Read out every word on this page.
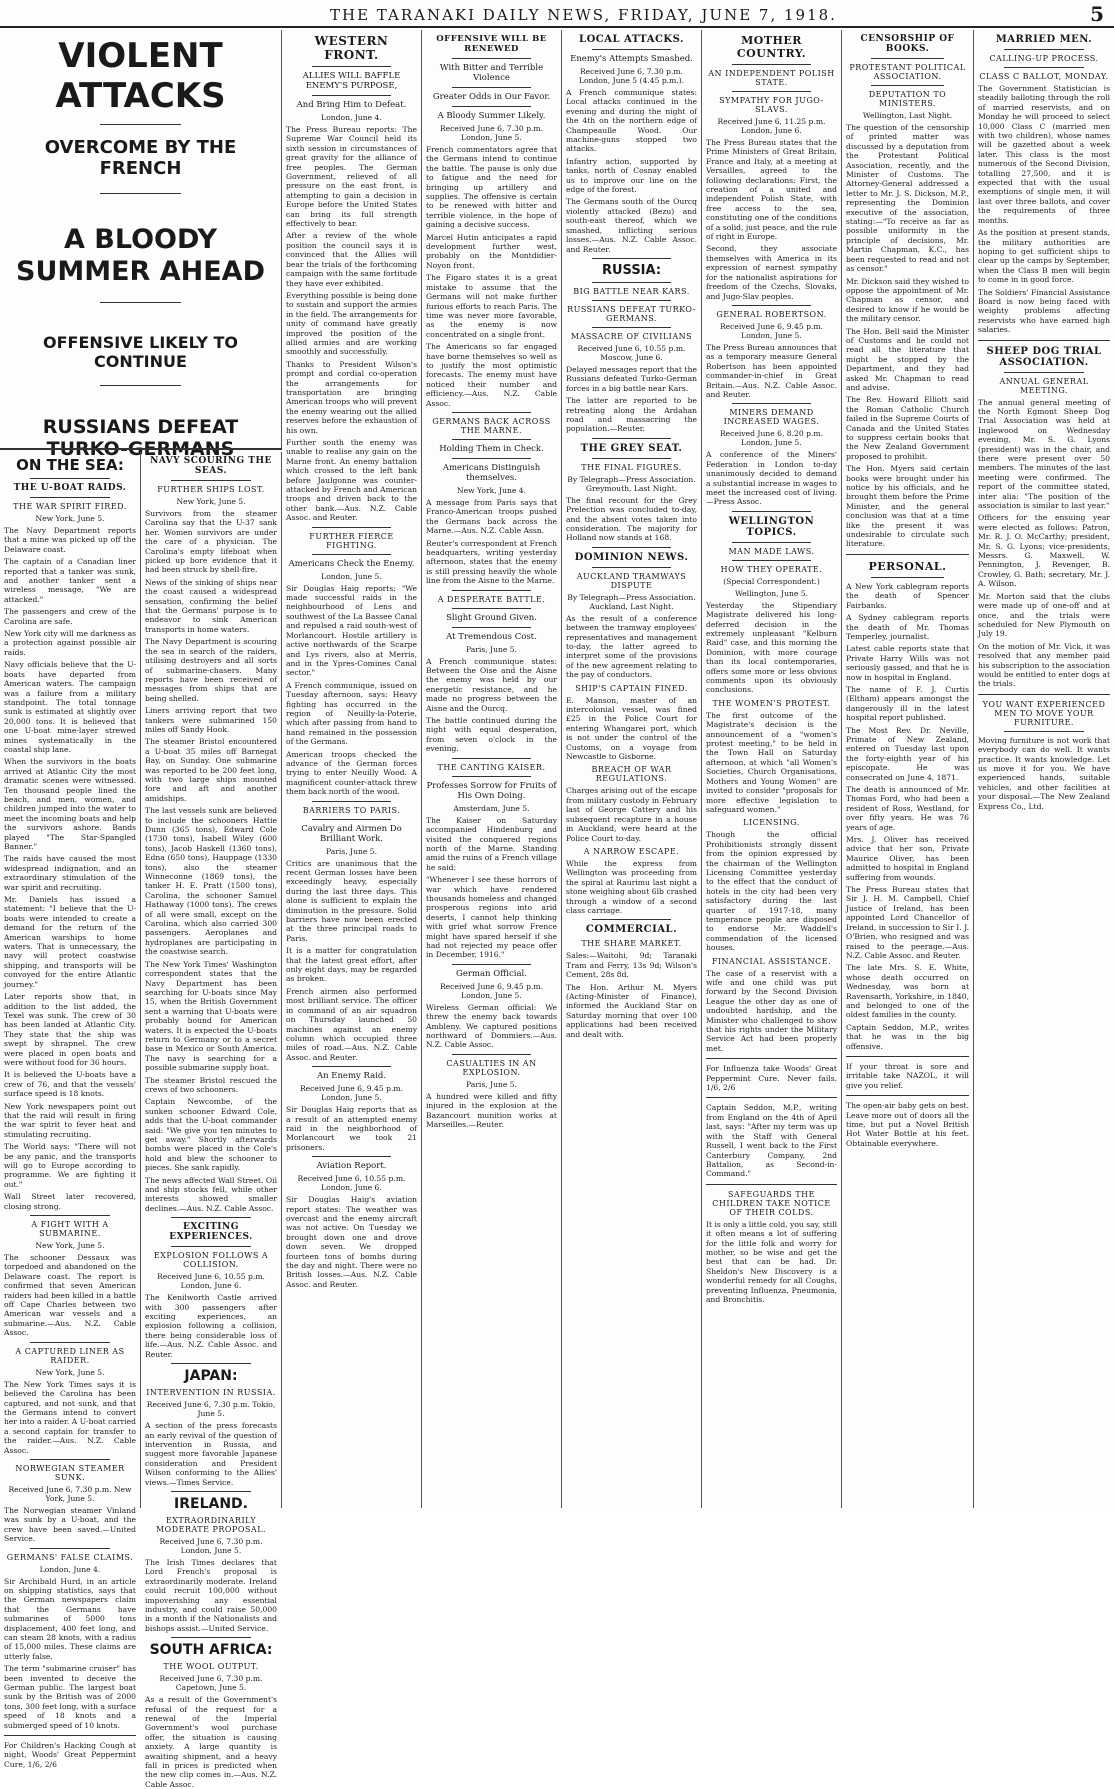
THE TARANAKI DAILY NEWS, FRIDAY, JUNE 7, 1918.	5
VIOLENT ATTACKS
OVERCOME BY THE FRENCH
A BLOODY SUMMER AHEAD
OFFENSIVE LIKELY TO CONTINUE
RUSSIANS DEFEAT TURKO-GERMANS
ON THE SEA:
THE U-BOAT RAIDS.
THE WAR SPIRIT FIRED.
New York, June 5.

The Navy Department reports that a mine was picked up off the Delaware coast.

The captain of a Canadian liner reported that a tanker was sunk, and another tanker sent a wireless message, "We are attacked."

The passengers and crew of the Carolina are safe.

New York city will me darkness as a protection against possible air raids.

Navy officials believe that the U-boats have departed from American waters. The campaign was a failure from a military standpoint. The total tonnage sunk is estimated at slightly over 20,000 tons. It is believed that one U-boat mine-layer strewed mines systematically in the coastal ship lane.

When the survivors in the boats arrived at Atlantic City the most dramatic scenes were witnessed. Ten thousand people lined the beach, and men, women, and children jumped into the water to meet the incoming boats and help the survivors ashore. Bands played "The Star-Spangled Banner."

The raids have caused the most widespread indignation, and an extraordinary stimulation of the war spirit and recruiting.

Mr. Daniels has issued a statement: "I believe that the U-boats were intended to create a demand for the return of the American warships to home waters. That is unnecessary, the navy will protect coastwise shipping, and transports will be convoyed for the entire Atlantic journey."

Later reports show that, in addition to the list added, the Texel was sunk. The crew of 30 has been landed at Atlantic City. They state that the ship was swept by shrapnel. The crew were placed in open boats and were without food for 36 hours.

It is believed the U-boats have a crew of 76, and that the vessels' surface speed is 18 knots.

New York newspapers point out that the raid will result in firing the war spirit to fever heat and stimulating recruiting.

The World says: "There will not be any panic, and the transports will go to Europe according to programme. We are fighting it out."

Wall Street later recovered, closing strong.

A FIGHT WITH A SUBMARINE.
New York, June 5.

The schooner Dessaux was torpedoed and abandoned on the Delaware coast. The report is confirmed that seven American raiders had been killed in a battle off Cape Charles between two American war vessels and a submarine.—Aus. N.Z. Cable Assoc.

A CAPTURED LINER AS RAIDER.
New York, June 5.

The New York Times says it is believed the Carolina has been captured, and not sunk, and that the Germans intend to convert her into a raider. A U-boat carried a second captain for transfer to the raider.—Aus. N.Z. Cable Assoc.

NORWEGIAN STEAMER SUNK.
Received June 6, 7.30 p.m. New York, June 5.

The Norwegian steamer Vinland was sunk by a U-boat, and the crew have been saved.—United Service.

GERMANS' FALSE CLAIMS.
London, June 4.

Sir Archibald Hurd, in an article on shipping statistics, says that the German newspapers claim that the Germans have submarines of 5000 tons displacement, 400 feet long, and can steam 28 knots, with a radius of 15,000 miles. These claims are utterly false.

The term "submarine cruiser" has been invented to deceive the German public. The largest boat sunk by the British was of 2000 tons, 300 feet long, with a surface speed of 18 knots and a submerged speed of 10 knots.

For Children's Hacking Cough at night, Woods' Great Peppermint Cure, 1/6, 2/6

NAVY SCOURING THE SEAS.
FURTHER SHIPS LOST.
New York, June 5.

Survivors from the steamer Carolina say that the U-37 sank her. Women survivors are under the care of a physician. The Carolina's empty lifeboat when picked up bore evidence that it had been struck by shell-fire.

News of the sinking of ships near the coast caused a widespread sensation, confirming the belief that the Germans' purpose is to endeavor to sink American transports in home waters.

The Navy Department is scouring the sea in search of the raiders, utilising destroyers and all sorts of submarine-chasers. Many reports have been received of messages from ships that are being shelled.

Liners arriving report that two tankers were submarined 150 miles off Sandy Hook.

The steamer Bristol encountered a U-boat 35 miles off Barnegat Bay, on Sunday. One submarine was reported to be 200 feet long, with two large ships mounted fore and aft and another amidships.

The last vessels sunk are believed to include the schooners Hattie Dunn (365 tons), Edward Cole (1730 tons), Isabell Wiley (600 tons), Jacob Haskell (1360 tons), Edna (650 tons), Hauppage (1330 tons), also the steamer Winneconne (1869 tons), the tanker H. E. Pratt (1500 tons), Carolina, the schooner Samuel Hathaway (1000 tons). The crews of all were small, except on the Carolina, which also carried 300 passengers. Aeroplanes and hydroplanes are participating in the coastwise search.

The New York Times' Washington correspondent states that the Navy Department has been searching for U-boats since May 15, when the British Government sent a warning that U-boats were probably bound for American waters. It is expected the U-boats return to Germany or to a secret base in Mexico or South America. The navy is searching for a possible submarine supply boat.

The steamer Bristol rescued the crews of two schooners.

Captain Newcombe, of the sunken schooner Edward Cole, adds that the U-boat commander said: "We give you ten minutes to get away." Shortly afterwards bombs were placed in the Cole's hold and blew the schooner to pieces. She sank rapidly.

The news affected Wall Street. Oil and ship stocks fell, while other interests showed smaller declines.—Aus. N.Z. Cable Assoc.

EXCITING EXPERIENCES.
EXPLOSION FOLLOWS A COLLISION.
Received June 6, 10.55 p.m. London, June 6.

The Kenilworth Castle arrived with 300 passengers after exciting experiences, an explosion following a collision, there being considerable loss of life.—Aus. N.Z. Cable Assoc. and Reuter.

JAPAN:
INTERVENTION IN RUSSIA.
Received June 6, 7.30 p.m. Tokio, June 5.

A section of the press forecasts an early revival of the question of intervention in Russia, and suggest more favorable Japanese consideration and President Wilson conforming to the Allies' views.—Times Service.

IRELAND.
EXTRAORDINARILY MODERATE PROPOSAL.
Received June 6, 7.30 p.m. London, June 5.

The Irish Times declares that Lord French's proposal is extraordinarily moderate. Ireland could recruit 100,000 without impoverishing any essential industry, and could raise 50,000 in a month if the Nationalists and bishops assist.—United Service.

SOUTH AFRICA:
THE WOOL OUTPUT.
Received June 6, 7.30 p.m. Capetown, June 5.

As a result of the Government's refusal of the request for a renewal of the Imperial Government's wool purchase offer, the situation is causing anxiety. A large quantity is awaiting shipment, and a heavy fall in prices is predicted when the new clip comes in.—Aus. N.Z. Cable Assoc.

WESTERN FRONT.
ALLIES WILL BAFFLE ENEMY'S PURPOSE,
And Bring Him to Defeat.
London, June 4.

The Press Bureau reports: The Supreme War Council held its sixth session in circumstances of great gravity for the alliance of free peoples. The German Government, relieved of all pressure on the east front, is attempting to gain a decision in Europe before the United States can bring its full strength effectively to bear.

After a review of the whole position the council says it is convinced that the Allies will bear the trials of the forthcoming campaign with the same fortitude they have ever exhibited.

Everything possible is being done to sustain and support the armies in the field. The arrangements for unity of command have greatly improved the position of the allied armies and are working smoothly and successfully.

Thanks to President Wilson's prompt and cordial co-operation the arrangements for transportation are bringing American troops who will prevent the enemy wearing out the allied reserves before the exhaustion of his own.

Further south the enemy was unable to realise any gain on the Marne front. An enemy battalion which crossed to the left bank before Jaulgonne was counter-attacked by French and American troops and driven back to the other bank.—Aus. N.Z. Cable Assoc. and Reuter.

FURTHER FIERCE FIGHTING.
Americans Check the Enemy.
London, June 5.

Sir Douglas Haig reports: "We made successful raids in the neighbourhood of Lens and southwest of the La Bassee Canal and repulsed a raid south-west of Morlancourt. Hostile artillery is active northwards of the Scarpe and Lys rivers, also at Merris, and in the Ypres-Comines Canal sector."

A French communique, issued on Tuesday afternoon, says: Heavy fighting has occurred in the region of Neuilly-la-Poterie, which after passing from hand to hand remained in the possession of the Germans.

American troops checked the advance of the German forces trying to enter Neuilly Wood. A magnificent counter-attack threw them back north of the wood.

BARRIERS TO PARIS.
Cavalry and Airmen Do Brilliant Work.
Paris, June 5.

Critics are unanimous that the recent German losses have been exceedingly heavy, especially during the last three days. This alone is sufficient to explain the diminution in the pressure. Solid barriers have now been erected at the three principal roads to Paris.

It is a matter for congratulation that the latest great effort, after only eight days, may be regarded as broken.

French airmen also performed most brilliant service. The officer in command of an air squadron on Thursday launched 50 machines against an enemy column which occupied three miles of road.—Aus. N.Z. Cable Assoc. and Reuter.

An Enemy Raid.
Received June 6, 9.45 p.m. London, June 5.

Sir Douglas Haig reports that as a result of an attempted enemy raid in the neighborhood of Morlancourt we took 21 prisoners.

Aviation Report.
Received June 6, 10.55 p.m. London, June 6.

Sir Douglas Haig's aviation report states: The weather was overcast and the enemy aircraft was not active. On Tuesday we brought down one and drove down seven. We dropped fourteen tons of bombs during the day and night. There were no British losses.—Aus. N.Z. Cable Assoc. and Reuter.

OFFENSIVE WILL BE RENEWED
With Bitter and Terrible Violence
Greater Odds in Our Favor.
A Bloody Summer Likely.
Received June 6, 7.30 p.m. London, June 5.

French commentators agree that the Germans intend to continue the battle. The pause is only due to fatigue and the need for bringing up artillery and supplies. The offensive is certain to be renewed with bitter and terrible violence, in the hope of gaining a decisive success.

Marcel Hutin anticipates a rapid development further west, probably on the Montdidier-Noyon front.

The Figaro states it is a great mistake to assume that the Germans will not make further furious efforts to reach Paris. The time was never more favorable, as the enemy is now concentrated on a single front.

The Americans so far engaged have borne themselves so well as to justify the most optimistic forecasts. The enemy must have noticed their number and efficiency.—Aus. N.Z. Cable Assoc.

GERMANS BACK ACROSS THE MARNE.
Holding Them in Check.
Americans Distinguish themselves.
New York, June 4.

A message from Paris says that Franco-American troops pushed the Germans back across the Marne.—Aus. N.Z. Cable Assn.

Reuter's correspondent at French headquarters, writing yesterday afternoon, states that the enemy is still pressing heavily the whole line from the Aisne to the Marne.

A DESPERATE BATTLE.
Slight Ground Given.
At Tremendous Cost.
Paris, June 5.

A French communique states: Between the Oise and the Aisne the enemy was held by our energetic resistance, and he made no progress between the Aisne and the Ourcq.

The battle continued during the night with equal desperation, from seven o'clock in the evening.

THE CANTING KAISER.
Professes Sorrow for Fruits of His Own Doing.
Amsterdam, June 5.

The Kaiser on Saturday accompanied Hindenburg and visited the conquered regions north of the Marne. Standing amid the ruins of a French village he said:

"Whenever I see these horrors of war which have rendered thousands homeless and changed prosperous regions into arid deserts, I cannot help thinking with grief what sorrow Frence might have spared herself if she had not rejected my peace offer in December, 1916."

German Official.
Received June 6, 9.45 p.m. London, June 5.

Wireless German official: We threw the enemy back towards Ambleny. We captured positions northward of Dommiers.—Aus. N.Z. Cable Assoc.

CASUALTIES IN AN EXPLOSION.
Paris, June 5.

A hundred were killed and fifty injured in the explosion at the Bazancourt munition works at Marseilles.—Reuter.

LOCAL ATTACKS.
Enemy's Attempts Smashed.
Received June 6, 7.30 p.m. London, June 5 (4.45 p.m.).

A French communique states: Local attacks continued in the evening and during the night of the 4th on the northern edge of Champeaulle Wood. Our machine-guns stopped two attacks.

Infantry action, supported by tanks, north of Cosnay enabled us to improve our line on the edge of the forest.

The Germans south of the Ourcq violently attacked (Bezu) and south-east thereof, which we smashed, inflicting serious losses.—Aus. N.Z. Cable Assoc. and Reuter.

RUSSIA:
BIG BATTLE NEAR KARS.
RUSSIANS DEFEAT TURKO-GERMANS.
MASSACRE OF CIVILIANS
Received June 6, 10.55 p.m. Moscow, June 6.

Delayed messages report that the Russians defeated Turko-German forces in a big battle near Kars.

The latter are reported to be retreating along the Ardahan road and massacring the population.—Reuter.

THE GREY SEAT.
THE FINAL FIGURES.
By Telegraph—Press Association. Greymouth, Last Night.

The final recount for the Grey Prelection was concluded to-day, and the absent votes taken into consideration. The majority for Holland now stands at 168.

DOMINION NEWS.
AUCKLAND TRAMWAYS DISPUTE
By Telegraph—Press Association. Auckland, Last Night.

As the result of a conference between the tramway employees' representatives and management to-day, the latter agreed to interpret some of the provisions of the new agreement relating to the pay of conductors.

SHIP'S CAPTAIN FINED.

E. Manson, master of an intercolonial vessel, was fined £25 in the Police Court for entering Whangarei port, which is not under the control of the Customs, on a voyage from Newcastle to Gisborne.

BREACH OF WAR REGULATIONS.

Charges arising out of the escape from military custody in February last of George Cattery and his subsequent recapture in a house in Auckland, were heard at the Police Court to-day.

A NARROW ESCAPE.

While the express from Wellington was proceeding from the spiral at Raurimu last night a stone weighing about 6lb crashed through a window of a second class carriage.

COMMERCIAL.
THE SHARE MARKET.

Sales:—Waitohi, 9d; Taranaki Tram and Ferry, 13s 9d; Wilson's Cement, 28s 8d.

The Hon. Arthur M. Myers (Acting-Minister of Finance), informed the Auckland Star on Saturday morning that over 100 applications had been received and dealt with.

MOTHER COUNTRY.
AN INDEPENDENT POLISH STATE.
SYMPATHY FOR JUGO-SLAVS.
Received June 6, 11.25 p.m. London, June 6.

The Press Bureau states that the Prime Ministers of Great Britain, France and Italy, at a meeting at Versailles, agreed to the following declarations: First, the creation of a united and independent Polish State, with free access to the sea, constituting one of the conditions of a solid, just peace, and the rule of right in Europe.

Second, they associate themselves with America in its expression of earnest sympathy for the nationalist aspirations for freedom of the Czechs, Slovaks, and Jugo-Slav peoples.

GENERAL ROBERTSON.
Received June 6, 9.45 p.m. London, June 5.

The Press Bureau announces that as a temporary measure General Robertson has been appointed commander-in-chief in Great Britain.—Aus. N.Z. Cable Assoc. and Reuter.

MINERS DEMAND INCREASED WAGES.
Received June 6, 8.20 p.m. London, June 5.

A conference of the Miners' Federation in London to-day unanimously decided to demand a substantial increase in wages to meet the increased cost of living.—Press Assoc.

WELLINGTON TOPICS.
MAN MADE LAWS.
HOW THEY OPERATE.
(Special Correspondent.)
Wellington, June 5.

Yesterday the Stipendiary Magistrate delivered his long-deferred decision in the extremely unpleasant "Kelburn Raid" case, and this morning the Dominion, with more courage than its local contemporaries, offers some more or less obvious comments upon its obviously conclusions.

THE WOMEN'S PROTEST.

The first outcome of the Magistrate's decision is the announcement of a "women's protest meeting," to be held in the Town Hall on Saturday afternoon, at which "all Women's Societies, Church Organisations, Mothers and Young Women" are invited to consider "proposals for more effective legislation to safeguard women."

LICENSING.

Though the official Prohibitionists strongly dissent from the opinion expressed by the chairman of the Wellington Licensing Committee yesterday to the effect that the conduct of hotels in the city had been very satisfactory during the last quarter of 1917-18, many temperance people are disposed to endorse Mr. Waddell's commendation of the licensed houses.

FINANCIAL ASSISTANCE.

The case of a reservist with a wife and one child was put forward by the Second Division League the other day as one of undoubted hardship, and the Minister who challenged to show that his rights under the Military Service Act had been properly met.

For Influenza take Woods' Great Peppermint Cure. Never fails. 1/6, 2/6

Captain Seddon, M.P., writing from England on the 4th of April last, says: "After my term was up with the Staff with General Russell, I went back to the First Canterbury Company, 2nd Battalion, as Second-in-Command."

SAFEGUARDS THE CHILDREN TAKE NOTICE OF THEIR COLDS.

It is only a little cold, you say, still it often means a lot of suffering for the little folk and worry for mother, so be wise and get the best that can be had. Dr. Sheldon's New Discovery is a wonderful remedy for all Coughs, preventing Influenza, Pneumonia, and Bronchitis.

CENSORSHIP OF BOOKS.
PROTESTANT POLITICAL ASSOCIATION.
DEPUTATION TO MINISTERS.
Wellington, Last Night.

The question of the censorship of printed matter was discussed by a deputation from the Protestant Political Association, recently, and the Minister of Customs. The Attorney-General addressed a letter to Mr. J. S. Dickson, M.P., representing the Dominion executive of the association, stating:—"To receive as far as possible uniformity in the principle of decisions, Mr. Martin Chapman, K.C., has been requested to read and not as censor."

Mr. Dickson said they wished to oppose the appointment of Mr. Chapman as censor, and desired to know if he would be the military censor.

The Hon. Bell said the Minister of Customs and he could not read all the literature that might be stopped by the Department, and they had asked Mr. Chapman to read and advise.

The Rev. Howard Elliott said the Roman Catholic Church failed in the Supreme Courts of Canada and the United States to suppress certain books that the New Zealand Government proposed to prohibit.

The Hon. Myers said certain books were brought under his notice by his officials, and he brought them before the Prime Minister, and the general conclusion was that at a time like the present it was undesirable to circulate such literature.

PERSONAL.

A New York cablegram reports the death of Spencer Fairbanks.

A Sydney cablegram reports the death of Mr. Thomas Temperley, journalist.

Latest cable reports state that Private Harry Wills was not seriously gassed, and that he is now in hospital in England.

The name of F. J. Curtis (Eltham) appears amongst the dangerously ill in the latest hospital report published.

The Most Rev. Dr. Neville, Primate of New Zealand, entered on Tuesday last upon the forty-eighth year of his episcopate. He was consecrated on June 4, 1871.

The death is announced of Mr. Thomas Ford, who had been a resident of Ross, Westland, for over fifty years. He was 76 years of age.

Mrs. J. Oliver has received advice that her son, Private Maurice Oliver, has been admitted to hospital in England suffering from wounds.

The Press Bureau states that Sir J. H. M. Campbell, Chief Justice of Ireland, has been appointed Lord Chancellor of Ireland, in succession to Sir I. J. O'Brien, who resigned and was raised to the peerage.—Aus. N.Z. Cable Assoc. and Reuter.

The late Mrs. S. E. White, whose death occurred on Wednesday, was born at Ravensarth, Yorkshire, in 1840, and belonged to one of the oldest families in the county.

Captain Seddon, M.P., writes that he was in the big offensive.

If your throat is sore and irritable take NAZOL, it will give you relief.

The open-air baby gets on best. Leave more out of doors all the time, but put a Novel British Hot Water Bottle at his feet. Obtainable everywhere.

MARRIED MEN.
CALLING-UP PROCESS.
CLASS C BALLOT, MONDAY.

The Government Statistician is steadily balloting through the roll of married reservists, and on Monday he will proceed to select 10,000 Class C (married men with two children), whose names will be gazetted about a week later. This class is the most numerous of the Second Division, totalling 27,500, and it is expected that with the usual exemptions of single men, it will last over three ballots, and cover the requirements of three months.

As the position at present stands, the military authorities are hoping to get sufficient ships to clear up the camps by September, when the Class B men will begin to come in in good force.

The Soldiers' Financial Assistance Board is now being faced with weighty problems affecting reservists who have earned high salaries.

SHEEP DOG TRIAL ASSOCIATION.
ANNUAL GENERAL MEETING.

The annual general meeting of the North Egmont Sheep Dog Trial Association was held at Inglewood on Wednesday evening, Mr. S. G. Lyons (president) was in the chair, and there were present over 50 members. The minutes of the last meeting were confirmed. The report of the committee stated, inter alia: "The position of the association is similar to last year."

Officers for the ensuing year were elected as follows: Patron, Mr. R. J. O. McCarthy; president, Mr. S. G. Lyons; vice-presidents, Messrs. G. Maxwell, W. Pennington, J. Revenger, B. Crowley, G. Bath; secretary, Mr. J. A. Wilson.

Mr. Morton said that the clubs were made up of one-off and at once, and the trials were scheduled for New Plymouth on July 19.

On the motion of Mr. Vick, it was resolved that any member paid his subscription to the association would be entitled to enter dogs at the trials.

YOU WANT EXPERIENCED MEN TO MOVE YOUR FURNITURE.

Moving furniture is not work that everybody can do well. It wants practice. It wants knowledge. Let us move it for you. We have experienced hands, suitable vehicles, and other facilities at your disposal.—The New Zealand Express Co., Ltd.
